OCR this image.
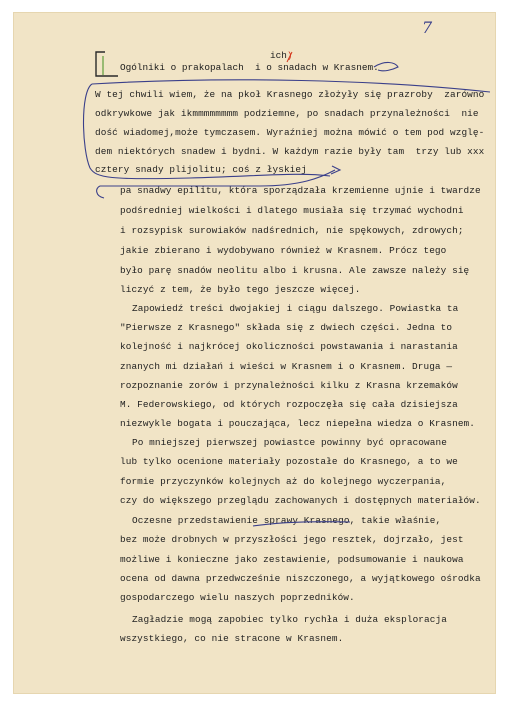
7
ich)
Ogólniki o prakopalach  i o snadach w Krasnem.
W tej chwili wiem, że na pkoł Krasnego złożyły się prazroby  zarówno
odkrywkowe jak ikmmmmmmmm podziemne, po snadach przynależności  nie
dość wiadomej,może tymczasem. Wyraźniej można mówić o tem pod wzglę-
dem niektórych snadew i bydni. W każdym razie były tam  trzy lub xxx
cztery snady plijolitu; coś z łyskiej
pa snadwy epilitu, która sporządzała krzemienne ujnie i twardze
podśredniej wielkości i dlatego musiała się trzymać wychodni
i rozsypisk surowiaków nadśrednich, nie spękowych, zdrowych;
jakie zbierano i wydobywano również w Krasnem. Prócz tego
było parę snadów neolitu albo i krusna. Ale zawsze należy się
liczyć z tem, że było tego jeszcze więcej.
Zapowiedź treści dwojakiej i ciągu dalszego. Powiastka ta
"Pierwsze z Krasnego" składa się z dwiech części. Jedna to
kolejność i najkrócej okoliczności powstawania i narastania
znanych mi działań i wieści w Krasnem i o Krasnem. Druga —
rozpoznanie zorów i przynależności kilku z Krasna krzemaków
M. Federowskiego, od których rozpoczęła się cała dzisiejsza
niezwykle bogata i pouczająca, lecz niepełna wiedza o Krasnem.
Po mniejszej pierwszej powiastce powinny być opracowane
lub tylko ocenione materiały pozostałe do Krasnego, a to we
formie przyczynków kolejnych aż do kolejnego wyczerpania,
czy do większego przeglądu zachowanych i dostępnych materiałów.
Oczesne przedstawienie sprawy Krasnego, takie właśnie,
bez może drobnych w przyszłości jego resztek, dojrzało, jest
możliwe i konieczne jako zestawienie, podsumowanie i naukowa
ocena od dawna przedwcześnie niszczonego, a wyjątkowego ośrodka
gospodarczego wielu naszych poprzedników.
Zagładzie mogą zapobiec tylko rychła i duża eksploracja
wszystkiego, co nie stracone w Krasnem.
